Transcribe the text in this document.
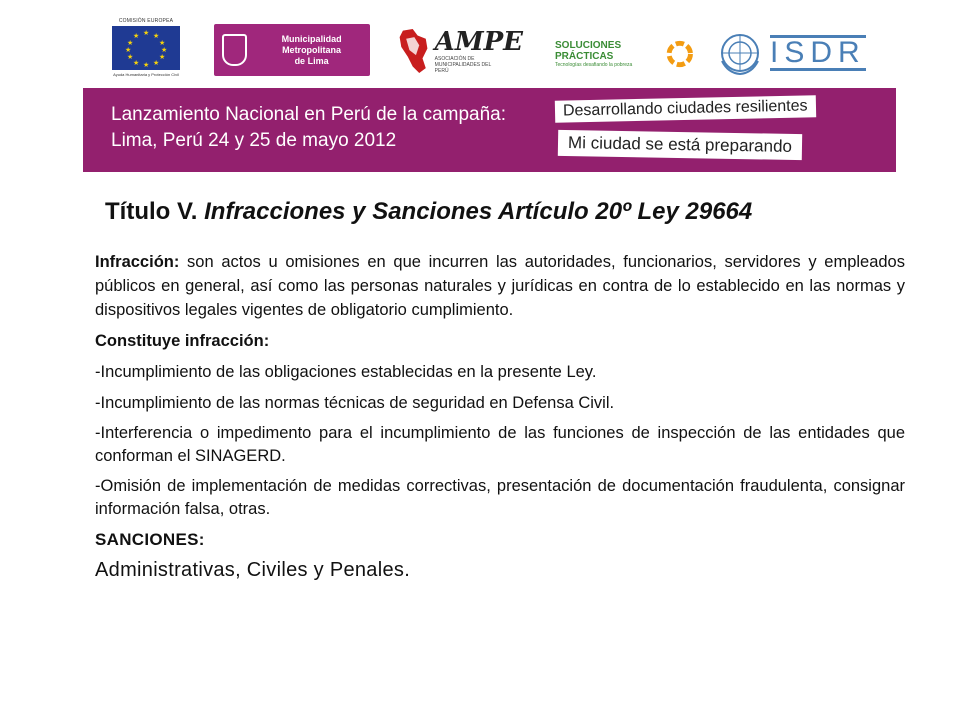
COMISIÓN EUROPEA
★ ★
★
★
★
★
★
★
★
★
★
★
Ayuda Humanitaria y Protección Civil
Municipalidad Metropolitana
de Lima
AMPE
ASOCIACIÓN DE MUNICIPALIDADES DEL PERÚ
SOLUCIONES PRÁCTICAS
Tecnologías desafiando la pobreza	ISDR
Lanzamiento Nacional en Perú de la campaña:
Lima, Perú 24 y 25 de mayo 2012
Desarrollando ciudades resilientes
Mi ciudad se está preparando
Título V. Infracciones y Sanciones Artículo 20º Ley 29664

Infracción: son actos u omisiones en que incurren las autoridades, funcionarios, servidores y empleados públicos en general, así como las personas naturales y jurídicas en contra de lo establecido en las normas y dispositivos legales vigentes de obligatorio cumplimiento.

Constituye infracción:

-Incumplimiento de las obligaciones establecidas en la presente Ley.

-Incumplimiento de las normas técnicas de seguridad en Defensa Civil.

-Interferencia o impedimento para el incumplimiento de las funciones de inspección de las entidades que conforman el SINAGERD.

-Omisión de implementación de medidas correctivas, presentación de documentación fraudulenta, consignar información falsa, otras.

SANCIONES:
Administrativas, Civiles y Penales.
